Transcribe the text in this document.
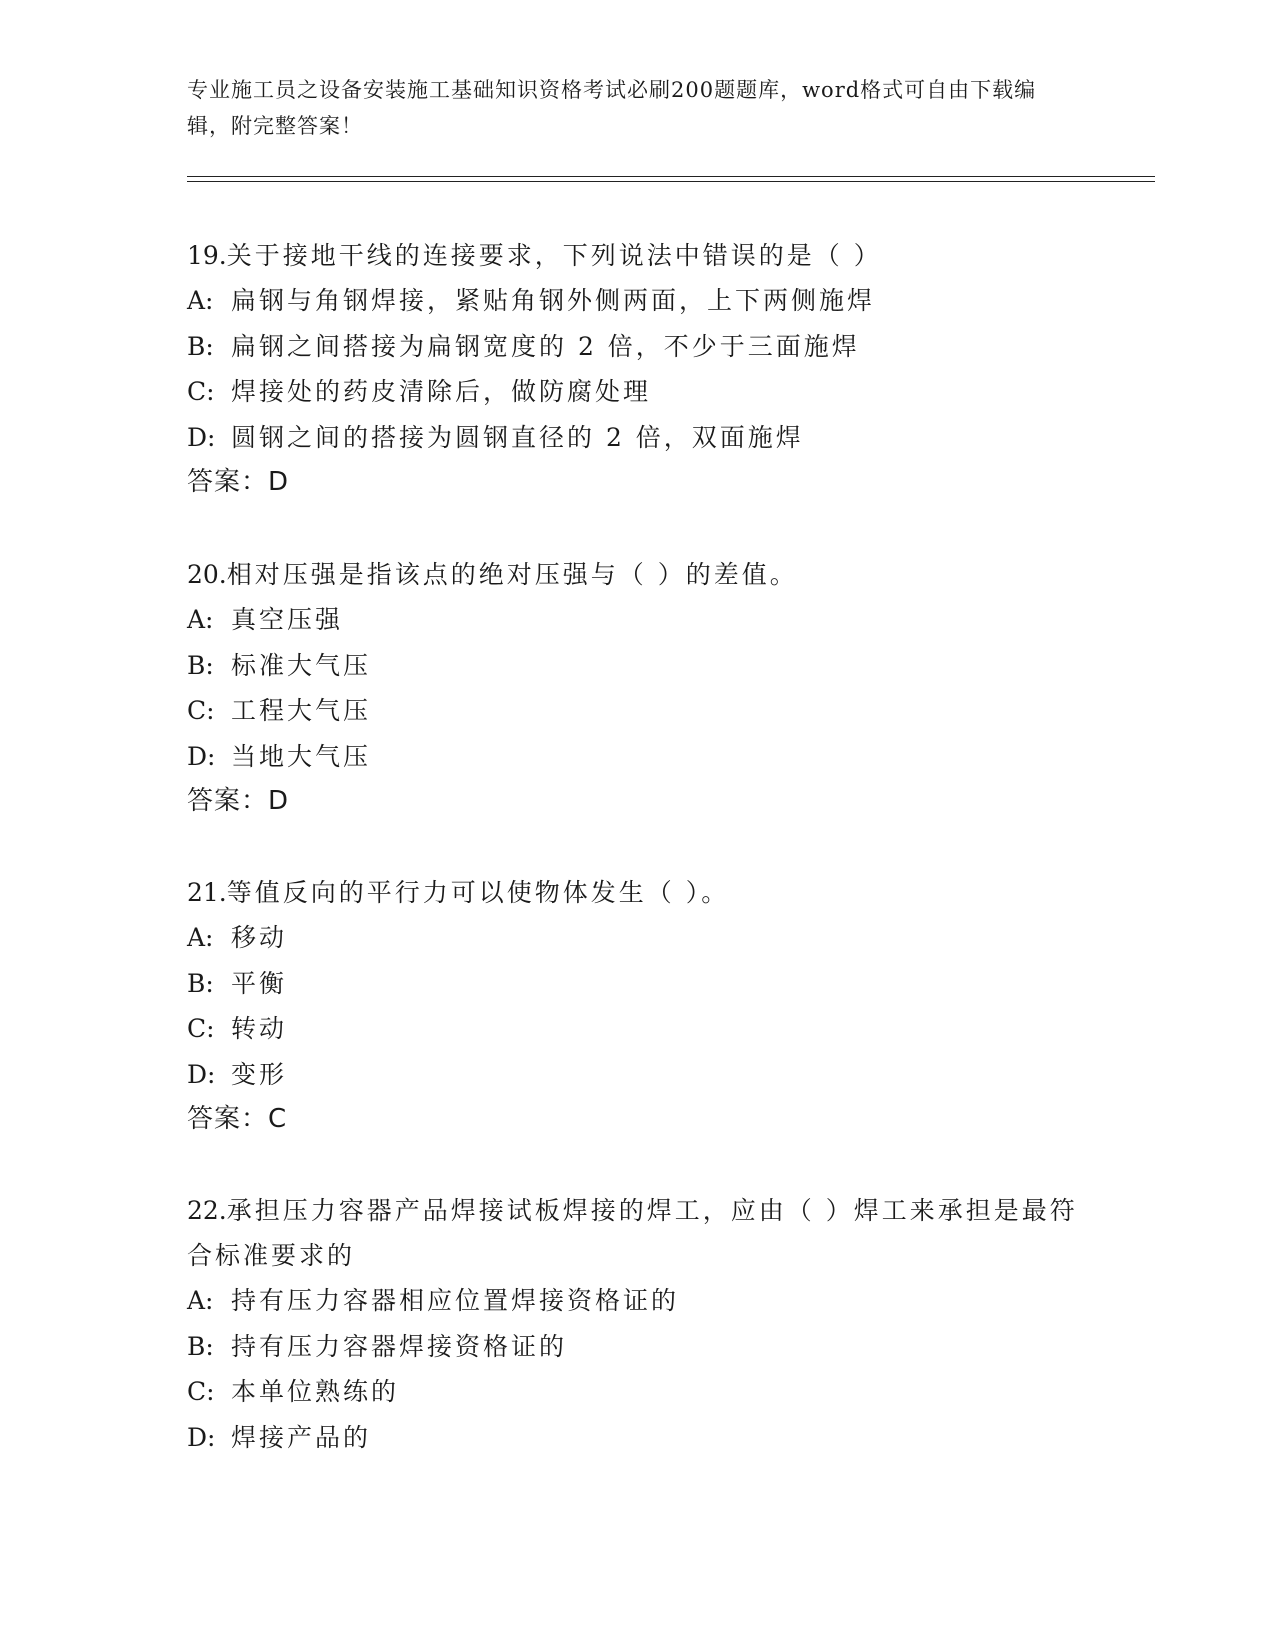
专业施工员之设备安装施工基础知识资格考试必刷200题题库，word格式可自由下载编辑，附完整答案！
19.关于接地干线的连接要求，下列说法中错误的是（ ）
A: 扁钢与角钢焊接，紧贴角钢外侧两面，上下两侧施焊
B: 扁钢之间搭接为扁钢宽度的 2 倍，不少于三面施焊
C: 焊接处的药皮清除后，做防腐处理
D: 圆钢之间的搭接为圆钢直径的 2 倍，双面施焊
答案：D
20.相对压强是指该点的绝对压强与（ ）的差值。
A: 真空压强
B: 标准大气压
C: 工程大气压
D: 当地大气压
答案：D
21.等值反向的平行力可以使物体发生（ ）。
A: 移动
B: 平衡
C: 转动
D: 变形
答案：C
22.承担压力容器产品焊接试板焊接的焊工，应由（ ）焊工来承担是最符合标准要求的
A: 持有压力容器相应位置焊接资格证的
B: 持有压力容器焊接资格证的
C: 本单位熟练的
D: 焊接产品的
